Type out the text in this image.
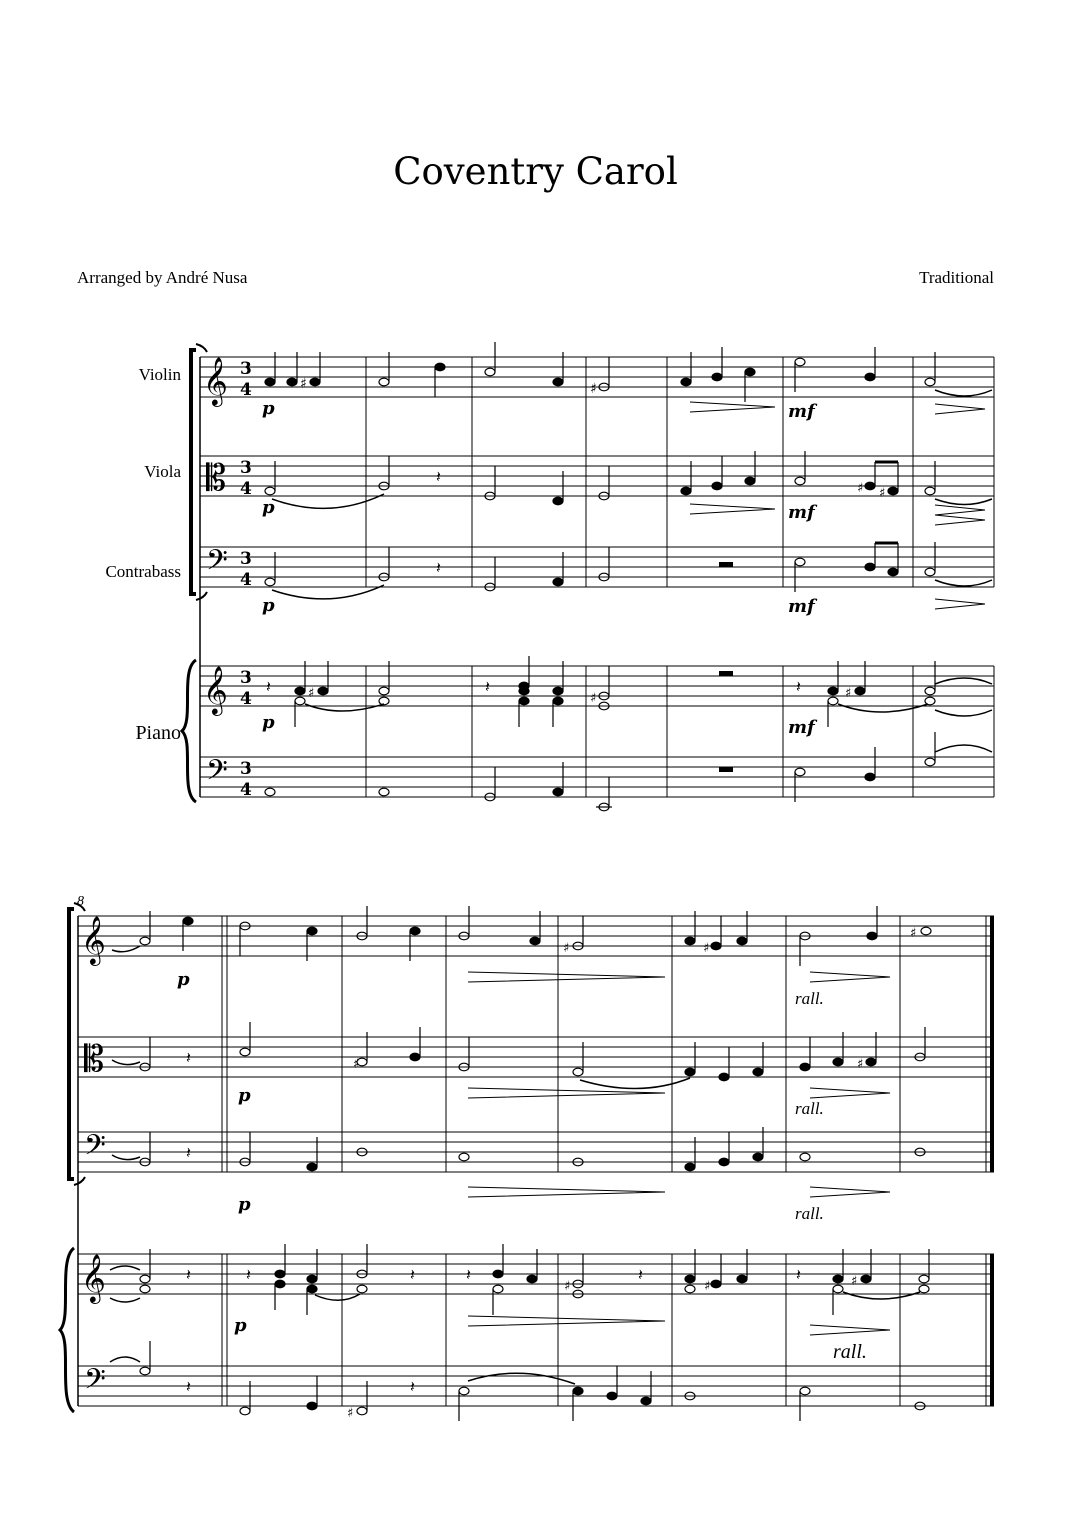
Coventry Carol
Arranged by André Nusa	Traditional
Violin
Viola
Contrabass
Piano
8
𝄞
𝄡
𝄢
𝄞
𝄢
3
4
3
4
3
4
3
4
3
4
♯	♯
♯ ♯
𝄽
𝄽
♯	♯	♯
𝄽	𝄽	𝄽
p
p
p
p
mf
mf
mf
mf
𝄞
𝄡
𝄢
𝄞
𝄢
♯	♯
♯
♯	♯
𝄽
𝄽
♯	♯	♯
𝄽	𝄽	𝄽	𝄽	𝄽	𝄽
♯
𝄽	𝄽
p
p
p
p
rall.
rall.
rall.
rall.
